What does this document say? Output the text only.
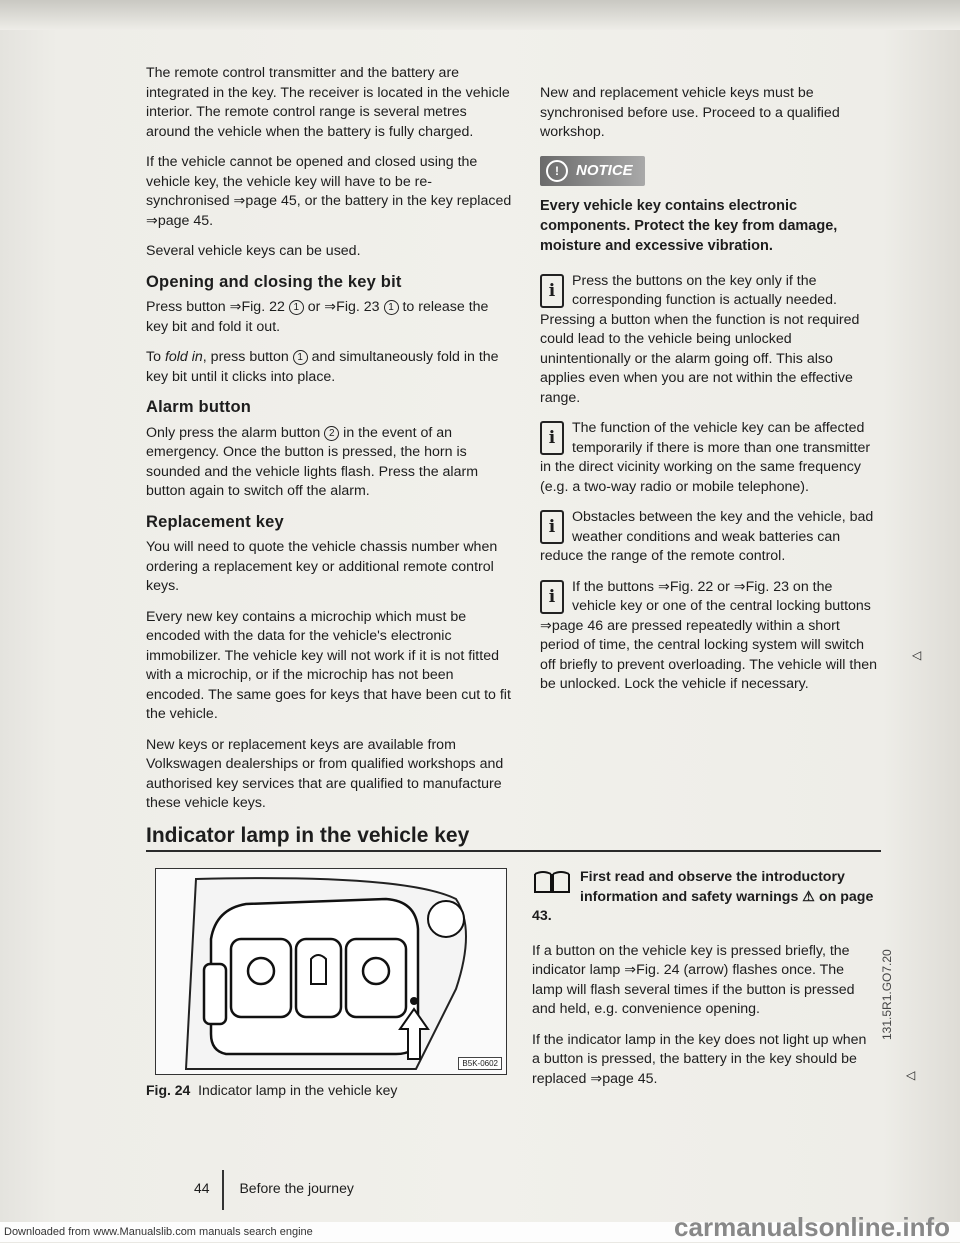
The remote control transmitter and the battery are integrated in the key. The receiver is located in the vehicle interior. The remote control range is several metres around the vehicle when the battery is fully charged.

If the vehicle cannot be opened and closed using the vehicle key, the vehicle key will have to be re-synchronised ⇒page 45, or the battery in the key replaced ⇒page 45.

Several vehicle keys can be used.

Opening and closing the key bit

Press button ⇒Fig. 22 1 or ⇒Fig. 23 1 to release the key bit and fold it out.

To fold in, press button 1 and simultaneously fold in the key bit until it clicks into place.

Alarm button

Only press the alarm button 2 in the event of an emergency. Once the button is pressed, the horn is sounded and the vehicle lights flash. Press the alarm button again to switch off the alarm.

Replacement key

You will need to quote the vehicle chassis number when ordering a replacement key or additional remote control keys.

Every new key contains a microchip which must be encoded with the data for the vehicle's electronic immobilizer. The vehicle key will not work if it is not fitted with a microchip, or if the microchip has not been encoded. The same goes for keys that have been cut to fit the vehicle.

New keys or replacement keys are available from Volkswagen dealerships or from qualified workshops and authorised key services that are qualified to manufacture these vehicle keys.

New and replacement vehicle keys must be synchronised before use. Proceed to a qualified workshop.

!	NOTICE

Every vehicle key contains electronic components. Protect the key from damage, moisture and excessive vibration.

i	Press the buttons on the key only if the corresponding function is actually needed. Pressing a button when the function is not required could lead to the vehicle being unlocked unintentionally or the alarm going off. This also applies even when you are not within the effective range.

i	The function of the vehicle key can be affected temporarily if there is more than one transmitter in the direct vicinity working on the same frequency (e.g. a two-way radio or mobile telephone).

i	Obstacles between the key and the vehicle, bad weather conditions and weak batteries can reduce the range of the remote control.

i	If the buttons ⇒Fig. 22 or ⇒Fig. 23 on the vehicle key or one of the central locking buttons ⇒page 46 are pressed repeatedly within a short period of time, the central locking system will switch off briefly to prevent overloading. The vehicle will then be unlocked. Lock the vehicle if necessary.

◁
Indicator lamp in the vehicle key
B5K-0602
Fig. 24 Indicator lamp in the vehicle key

First read and observe the introductory information and safety warnings ⚠ on page 43.

If a button on the vehicle key is pressed briefly, the indicator lamp ⇒Fig. 24 (arrow) flashes once. The lamp will flash several times if the button is pressed and held, e.g. convenience opening.

If the indicator lamp in the key does not light up when a button is pressed, the battery in the key should be replaced ⇒page 45.	◁
131.5R1.GO7.20
44 Before the journey
Downloaded from www.Manualslib.com manuals search engine	carmanualsonline.info
